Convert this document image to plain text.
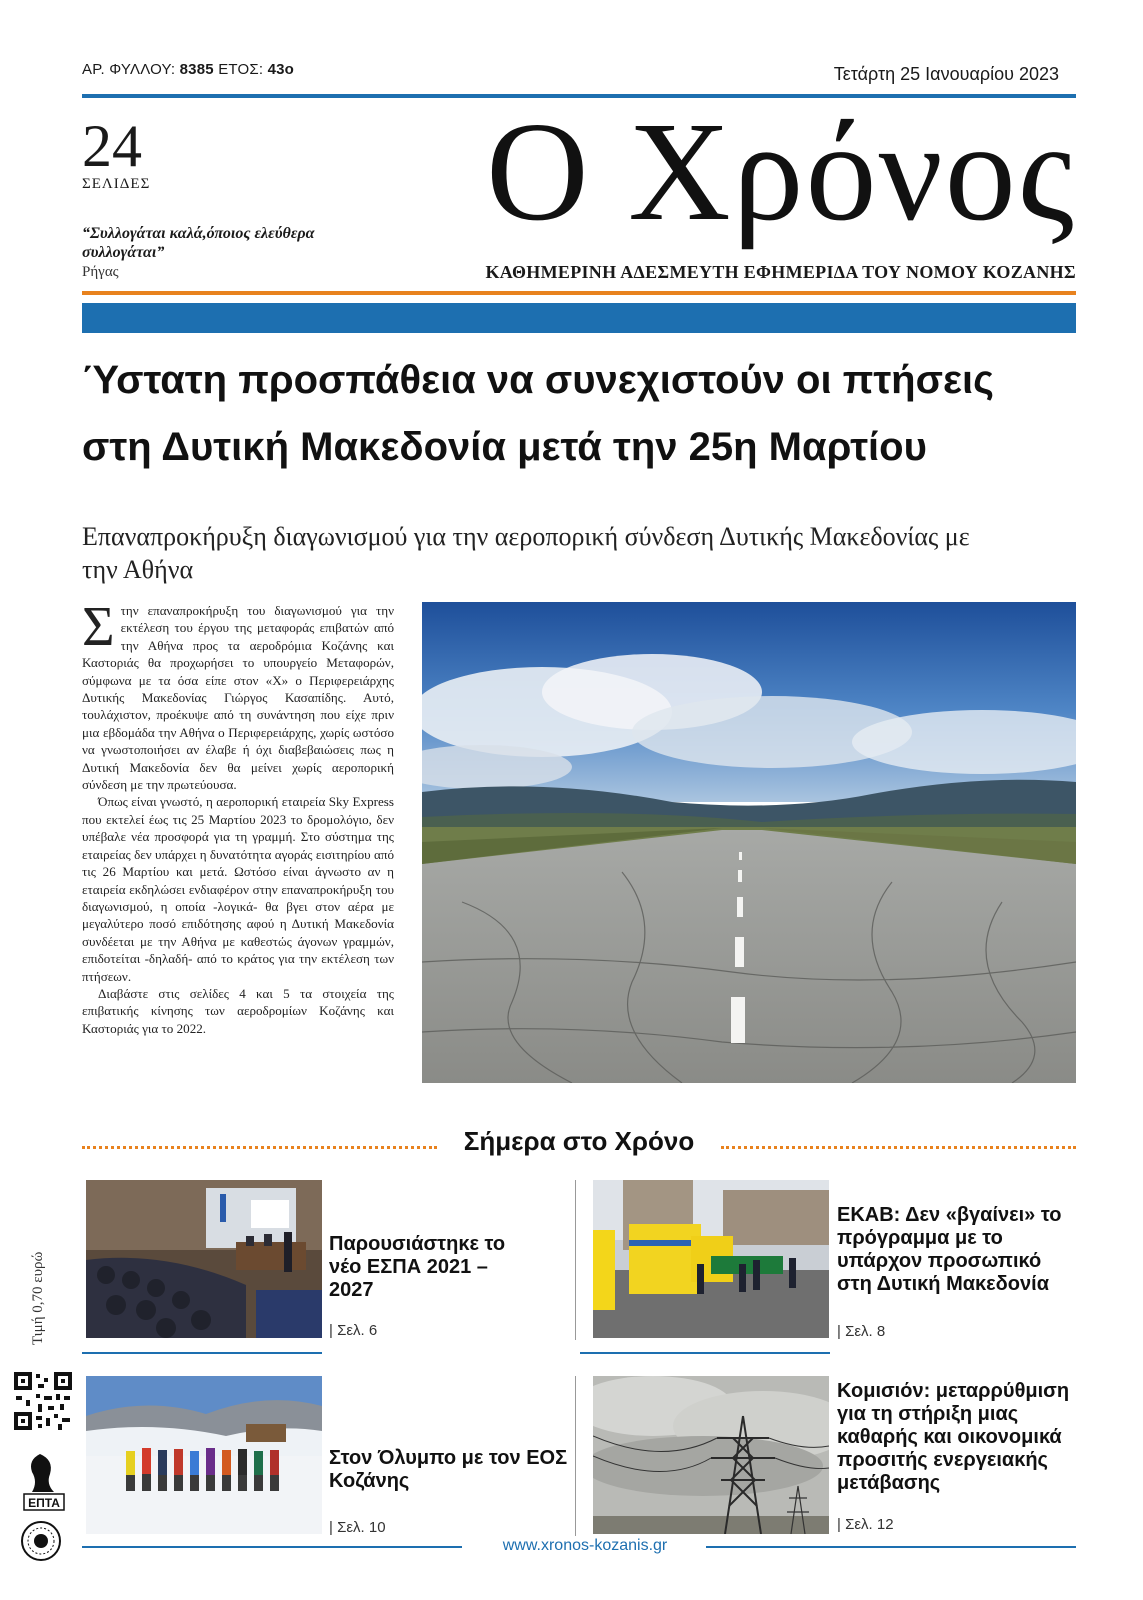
ΑΡ. ΦΥΛΛΟΥ: 8385 ΕΤΟΣ: 43ο	Τετάρτη 25 Ιανουαρίου 2023
24
ΣΕΛΙΔΕΣ
“Συλλογάται καλά,όποιος ελεύθερα συλλογάται”
Ρήγας
Ο Χρόνος
ΚΑΘΗΜΕΡΙΝΗ ΑΔΕΣΜΕΥΤΗ ΕΦΗΜΕΡΙΔΑ ΤΟΥ ΝΟΜΟΥ ΚΟΖΑΝΗΣ
Ύστατη προσπάθεια να συνεχιστούν οι πτήσεις
στη Δυτική Μακεδονία μετά την 25η Μαρτίου
Επαναπροκήρυξη διαγωνισμού για την αεροπορική σύνδεση Δυτικής Μακεδονίας με την Αθήνα

Στην επαναπροκήρυξη του διαγωνισμού για την εκτέλεση του έργου της μεταφοράς επιβατών από την Αθήνα προς τα αεροδρόμια Κοζάνης και Καστοριάς θα προχωρήσει το υπουργείο Μεταφορών, σύμφωνα με τα όσα είπε στον «Χ» ο Περιφερειάρχης Δυτικής Μακεδονίας Γιώργος Κασαπίδης. Αυτό, τουλάχιστον, προέκυψε από τη συνάντηση που είχε πριν μια εβδομάδα την Αθήνα ο Περιφερειάρχης, χωρίς ωστόσο να γνωστοποιήσει αν έλαβε ή όχι διαβεβαιώσεις πως η Δυτική Μακεδονία δεν θα μείνει χωρίς αεροπορική σύνδεση με την πρωτεύουσα.

Όπως είναι γνωστό, η αεροπορική εταιρεία Sky Express που εκτελεί έως τις 25 Μαρτίου 2023 το δρομολόγιο, δεν υπέβαλε νέα προσφορά για τη γραμμή. Στο σύστημα της εταιρείας δεν υπάρχει η δυνατότητα αγοράς εισιτηρίου από τις 26 Μαρτίου και μετά. Ωστόσο είναι άγνωστο αν η εταιρεία εκδηλώσει ενδιαφέρον στην επαναπροκήρυξη του διαγωνισμού, η οποία -λογικά- θα βγει στον αέρα με μεγαλύτερο ποσό επιδότησης αφού η Δυτική Μακεδονία συνδέεται με την Αθήνα με καθεστώς άγονων γραμμών, επιδοτείται -δηλαδή- από το κράτος για την εκτέλεση των πτήσεων.

Διαβάστε στις σελίδες 4 και 5 τα στοιχεία της επιβατικής κίνησης των αεροδρομίων Κοζάνης και Καστοριάς για το 2022.

Σήμερα στο Χρόνο
Παρουσιάστηκε το νέο ΕΣΠΑ 2021 – 2027
| Σελ. 6
ΕΚΑΒ: Δεν «βγαίνει» το πρόγραμμα με το υπάρχον προσωπικό στη Δυτική Μακεδονία
| Σελ. 8
Στον Όλυμπο με τον ΕΟΣ Κοζάνης
| Σελ. 10
Κομισιόν: μεταρρύθμιση για τη στήριξη μιας καθαρής και οικονομικά προσιτής ενεργειακής μετάβασης
| Σελ. 12
Τιμή 0,70 ευρώ
ΕΠΤΑ
www.xronos-kozanis.gr
